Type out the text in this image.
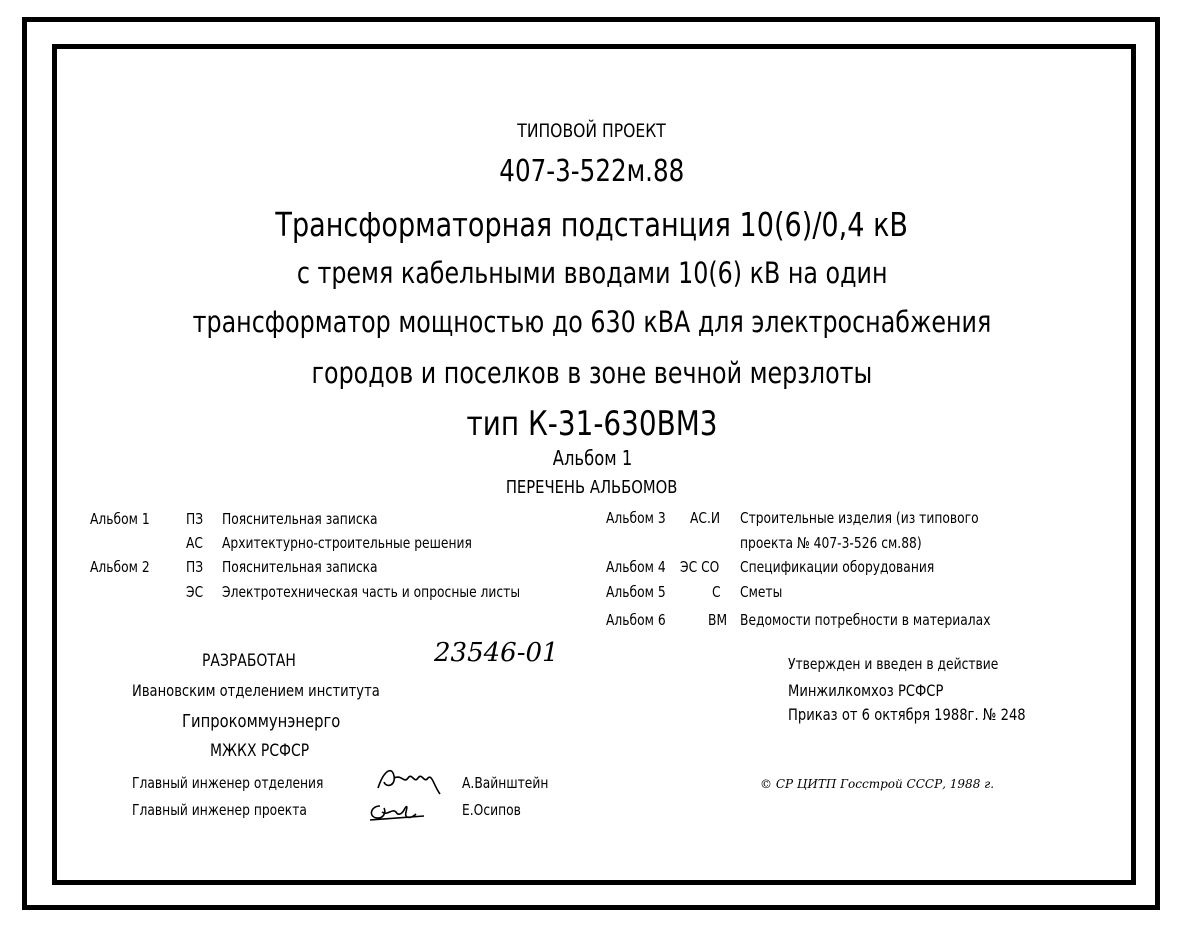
ТИПОВОЙ ПРОЕКТ
407-3-522м.88
Трансформаторная подстанция 10(6)/0,4 кВ
с тремя кабельными вводами 10(6) кВ на один
трансформатор мощностью до 630 кВА для электроснабжения
городов и поселков в зоне вечной мерзлоты
тип К-31-630ВМ3
Альбом 1
ПЕРЕЧЕНЬ АЛЬБОМОВ
Альбом 1 ПЗ Пояснительная записка
АС Архитектурно-строительные решения
Альбом 2 ПЗ Пояснительная записка
ЭС Электротехническая часть и опросные листы
Альбом 3 АС.И Строительные изделия (из типового
проекта № 407-3-526 см.88)
Альбом 4 ЭС СО Спецификации оборудования
Альбом 5	С Сметы
Альбом 6	ВМ Ведомости потребности в материалах
23546-01
РАЗРАБОТАН
Ивановским отделением института
Гипрокоммунэнерго
МЖКХ РСФСР
Главный инженер отделения	А.Вайнштейн
Главный инженер проекта	Е.Осипов
Утвержден и введен в действие
Минжилкомхоз РСФСР
Приказ от 6 октября 1988г. № 248
© СР ЦИТП Госстрой СССР, 1988 г.
